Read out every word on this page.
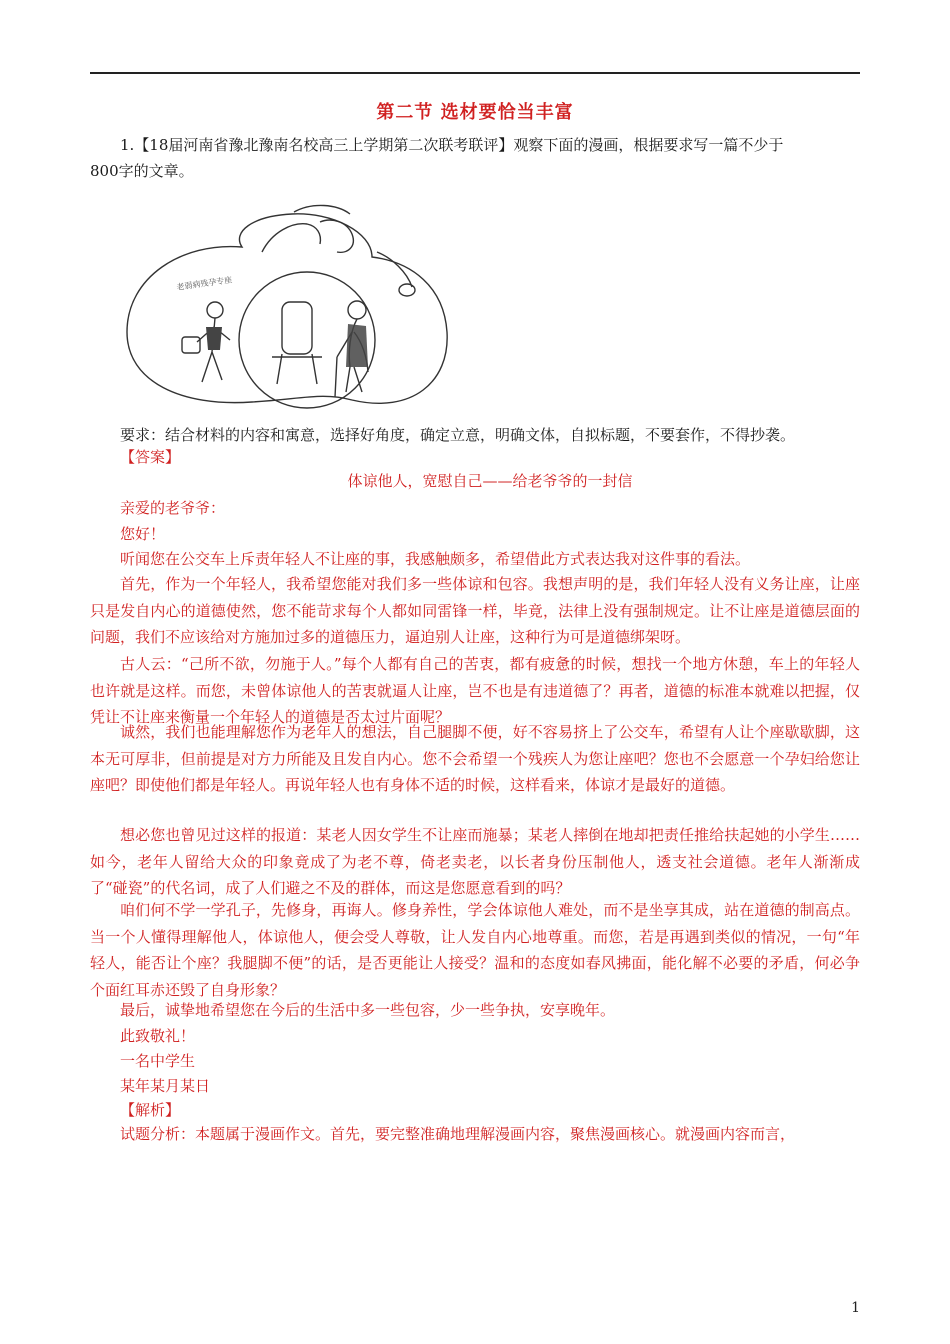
第二节 选材要恰当丰富
1.【18届河南省豫北豫南名校高三上学期第二次联考联评】观察下面的漫画，根据要求写一篇不少于
800字的文章。
老弱病残孕专座
要求：结合材料的内容和寓意，选择好角度，确定立意，明确文体，自拟标题，不要套作，不得抄袭。
【答案】
体谅他人，宽慰自己——给老爷爷的一封信
亲爱的老爷爷：
您好！
听闻您在公交车上斥责年轻人不让座的事，我感触颇多，希望借此方式表达我对这件事的看法。
首先，作为一个年轻人，我希望您能对我们多一些体谅和包容。我想声明的是，我们年轻人没有义务让座，让座只是发自内心的道德使然，您不能苛求每个人都如同雷锋一样，毕竟，法律上没有强制规定。让不让座是道德层面的问题，我们不应该给对方施加过多的道德压力，逼迫别人让座，这种行为可是道德绑架呀。
古人云：“己所不欲，勿施于人。”每个人都有自己的苦衷，都有疲惫的时候，想找一个地方休憩，车上的年轻人也许就是这样。而您，未曾体谅他人的苦衷就逼人让座，岂不也是有违道德了？再者，道德的标准本就难以把握，仅凭让不让座来衡量一个年轻人的道德是否太过片面呢？
诚然，我们也能理解您作为老年人的想法，自己腿脚不便，好不容易挤上了公交车，希望有人让个座歇歇脚，这本无可厚非，但前提是对方力所能及且发自内心。您不会希望一个残疾人为您让座吧？您也不会愿意一个孕妇给您让座吧？即使他们都是年轻人。再说年轻人也有身体不适的时候，这样看来，体谅才是最好的道德。
想必您也曾见过这样的报道：某老人因女学生不让座而施暴；某老人摔倒在地却把责任推给扶起她的小学生……如今，老年人留给大众的印象竟成了为老不尊，倚老卖老，以长者身份压制他人，透支社会道德。老年人渐渐成了“碰瓷”的代名词，成了人们避之不及的群体，而这是您愿意看到的吗？
咱们何不学一学孔子，先修身，再诲人。修身养性，学会体谅他人难处，而不是坐享其成，站在道德的制高点。当一个人懂得理解他人，体谅他人，便会受人尊敬，让人发自内心地尊重。而您，若是再遇到类似的情况，一句“年轻人，能否让个座？我腿脚不便”的话，是否更能让人接受？温和的态度如春风拂面，能化解不必要的矛盾，何必争个面红耳赤还毁了自身形象？
最后，诚挚地希望您在今后的生活中多一些包容，少一些争执，安享晚年。
此致敬礼！
一名中学生
某年某月某日
【解析】
试题分析：本题属于漫画作文。首先，要完整准确地理解漫画内容，聚焦漫画核心。就漫画内容而言，
1
